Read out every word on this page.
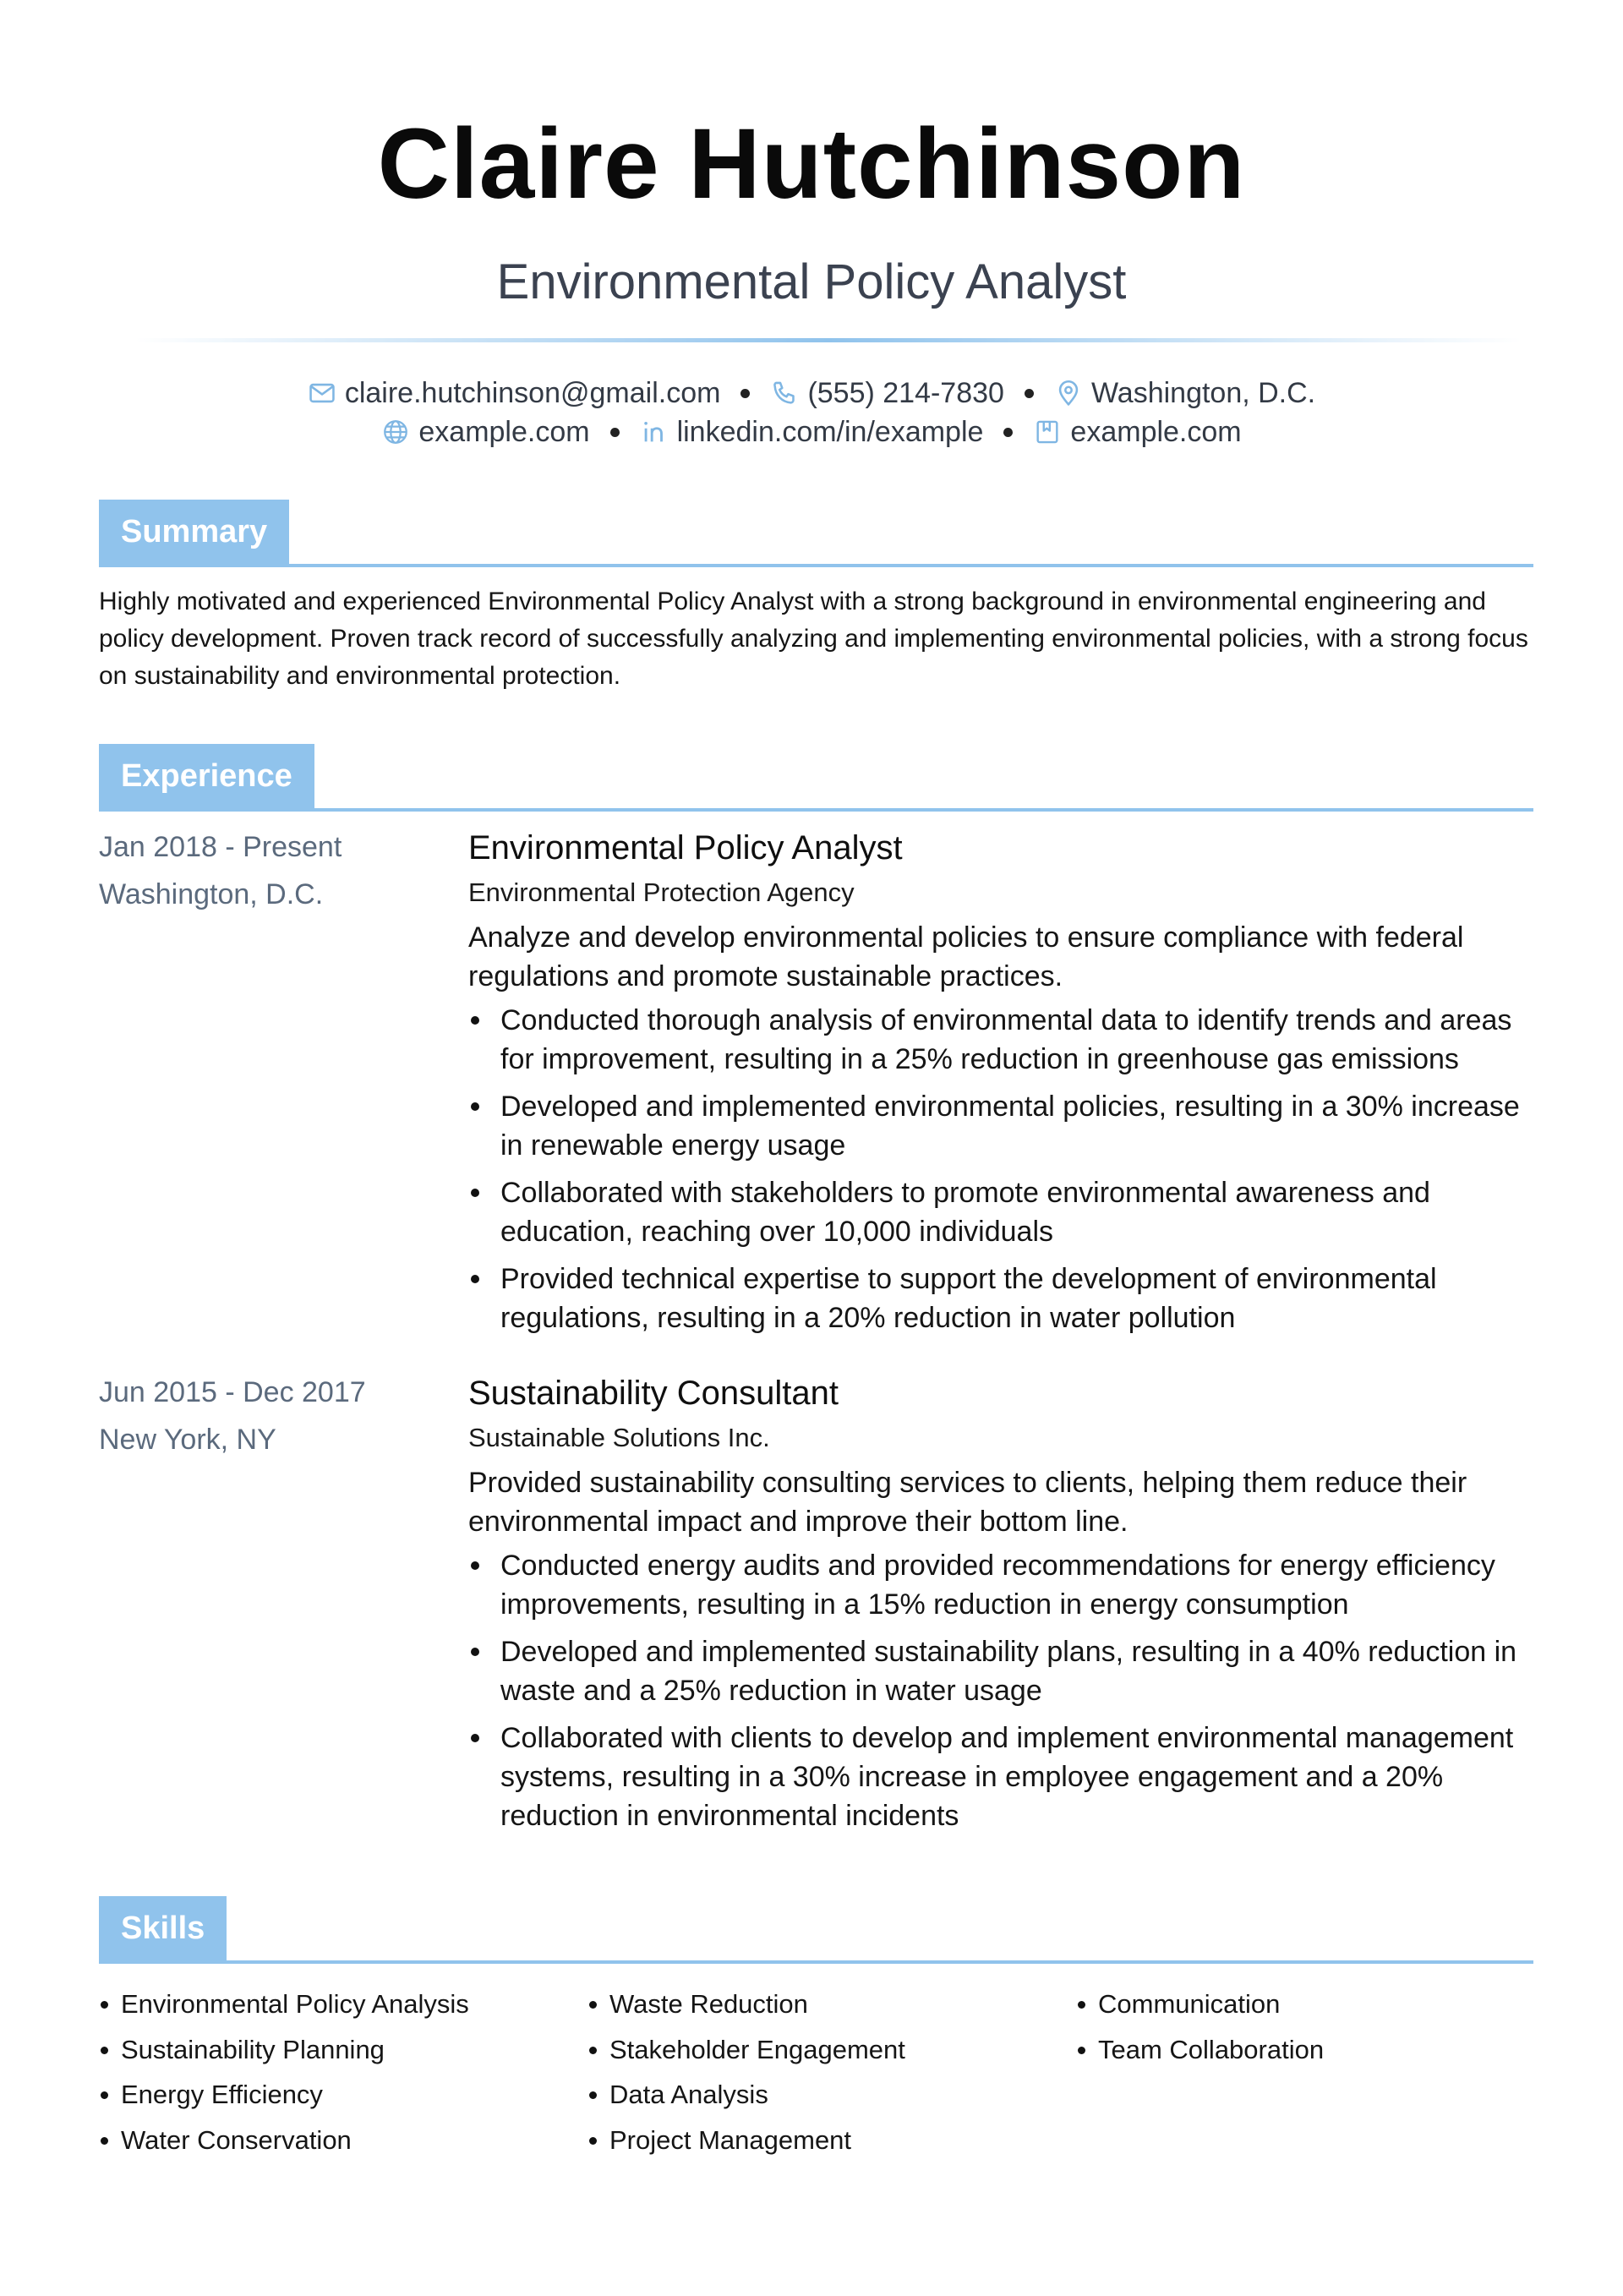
Claire Hutchinson
Environmental Policy Analyst
claire.hutchinson@gmail.com	(555) 214-7830	Washington, D.C.
example.com	linkedin.com/in/example	example.com
Summary
Highly motivated and experienced Environmental Policy Analyst with a strong background in environmental engineering and policy development. Proven track record of successfully analyzing and implementing environmental policies, with a strong focus on sustainability and environmental protection.
Experience
Jan 2018 - Present
Washington, D.C.
Environmental Policy Analyst
Environmental Protection Agency
Analyze and develop environmental policies to ensure compliance with federal regulations and promote sustainable practices.
Conducted thorough analysis of environmental data to identify trends and areas for improvement, resulting in a 25% reduction in greenhouse gas emissions
Developed and implemented environmental policies, resulting in a 30% increase in renewable energy usage
Collaborated with stakeholders to promote environmental awareness and education, reaching over 10,000 individuals
Provided technical expertise to support the development of environmental regulations, resulting in a 20% reduction in water pollution
Jun 2015 - Dec 2017
New York, NY
Sustainability Consultant
Sustainable Solutions Inc.
Provided sustainability consulting services to clients, helping them reduce their environmental impact and improve their bottom line.
Conducted energy audits and provided recommendations for energy efficiency improvements, resulting in a 15% reduction in energy consumption
Developed and implemented sustainability plans, resulting in a 40% reduction in waste and a 25% reduction in water usage
Collaborated with clients to develop and implement environmental management systems, resulting in a 30% increase in employee engagement and a 20% reduction in environmental incidents
Skills
Environmental Policy Analysis
Sustainability Planning
Energy Efficiency
Water Conservation
Waste Reduction
Stakeholder Engagement
Data Analysis
Project Management
Communication
Team Collaboration
